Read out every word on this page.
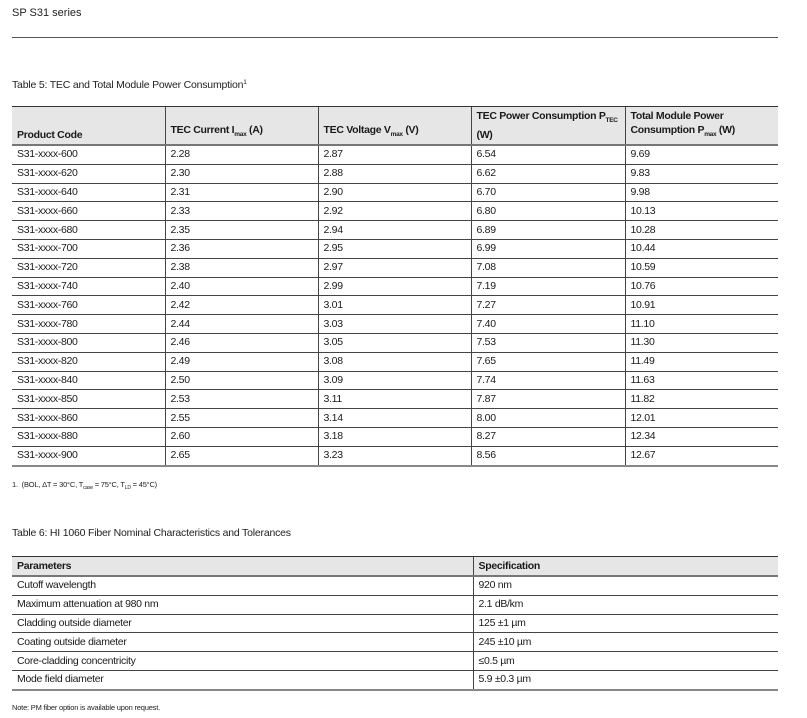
SP S31 series
Table 5: TEC and Total Module Power Consumption$^1$
Product Code	TEC Current $I_{max}$ (A)	TEC Voltage $V_{max}$ (V)	TEC Power Consumption $P_{TEC}$ (W)	Total Module Power Consumption $P_{max}$ (W)
S31-xxxx-600	2.28	2.87	6.54	9.69
S31-xxxx-620	2.30	2.88	6.62	9.83
S31-xxxx-640	2.31	2.90	6.70	9.98
S31-xxxx-660	2.33	2.92	6.80	10.13
S31-xxxx-680	2.35	2.94	6.89	10.28
S31-xxxx-700	2.36	2.95	6.99	10.44
S31-xxxx-720	2.38	2.97	7.08	10.59
S31-xxxx-740	2.40	2.99	7.19	10.76
S31-xxxx-760	2.42	3.01	7.27	10.91
S31-xxxx-780	2.44	3.03	7.40	11.10
S31-xxxx-800	2.46	3.05	7.53	11.30
S31-xxxx-820	2.49	3.08	7.65	11.49
S31-xxxx-840	2.50	3.09	7.74	11.63
S31-xxxx-850	2.53	3.11	7.87	11.82
S31-xxxx-860	2.55	3.14	8.00	12.01
S31-xxxx-880	2.60	3.18	8.27	12.34
S31-xxxx-900	2.65	3.23	8.56	12.67
1. (BOL, ΔT = 30°C, $T_{case} = 75^\circ C$, $T_{LD} = 45^\circ C$)
Table 6: HI 1060 Fiber Nominal Characteristics and Tolerances
Parameters	Specification
Cutoff wavelength	920 nm
Maximum attenuation at 980 nm	2.1 dB/km
Cladding outside diameter	125 ±1 µm
Coating outside diameter	245 ±10 µm
Core-cladding concentricity	≤0.5 µm
Mode field diameter	5.9 ±0.3 µm
Note: PM fiber option is available upon request.
